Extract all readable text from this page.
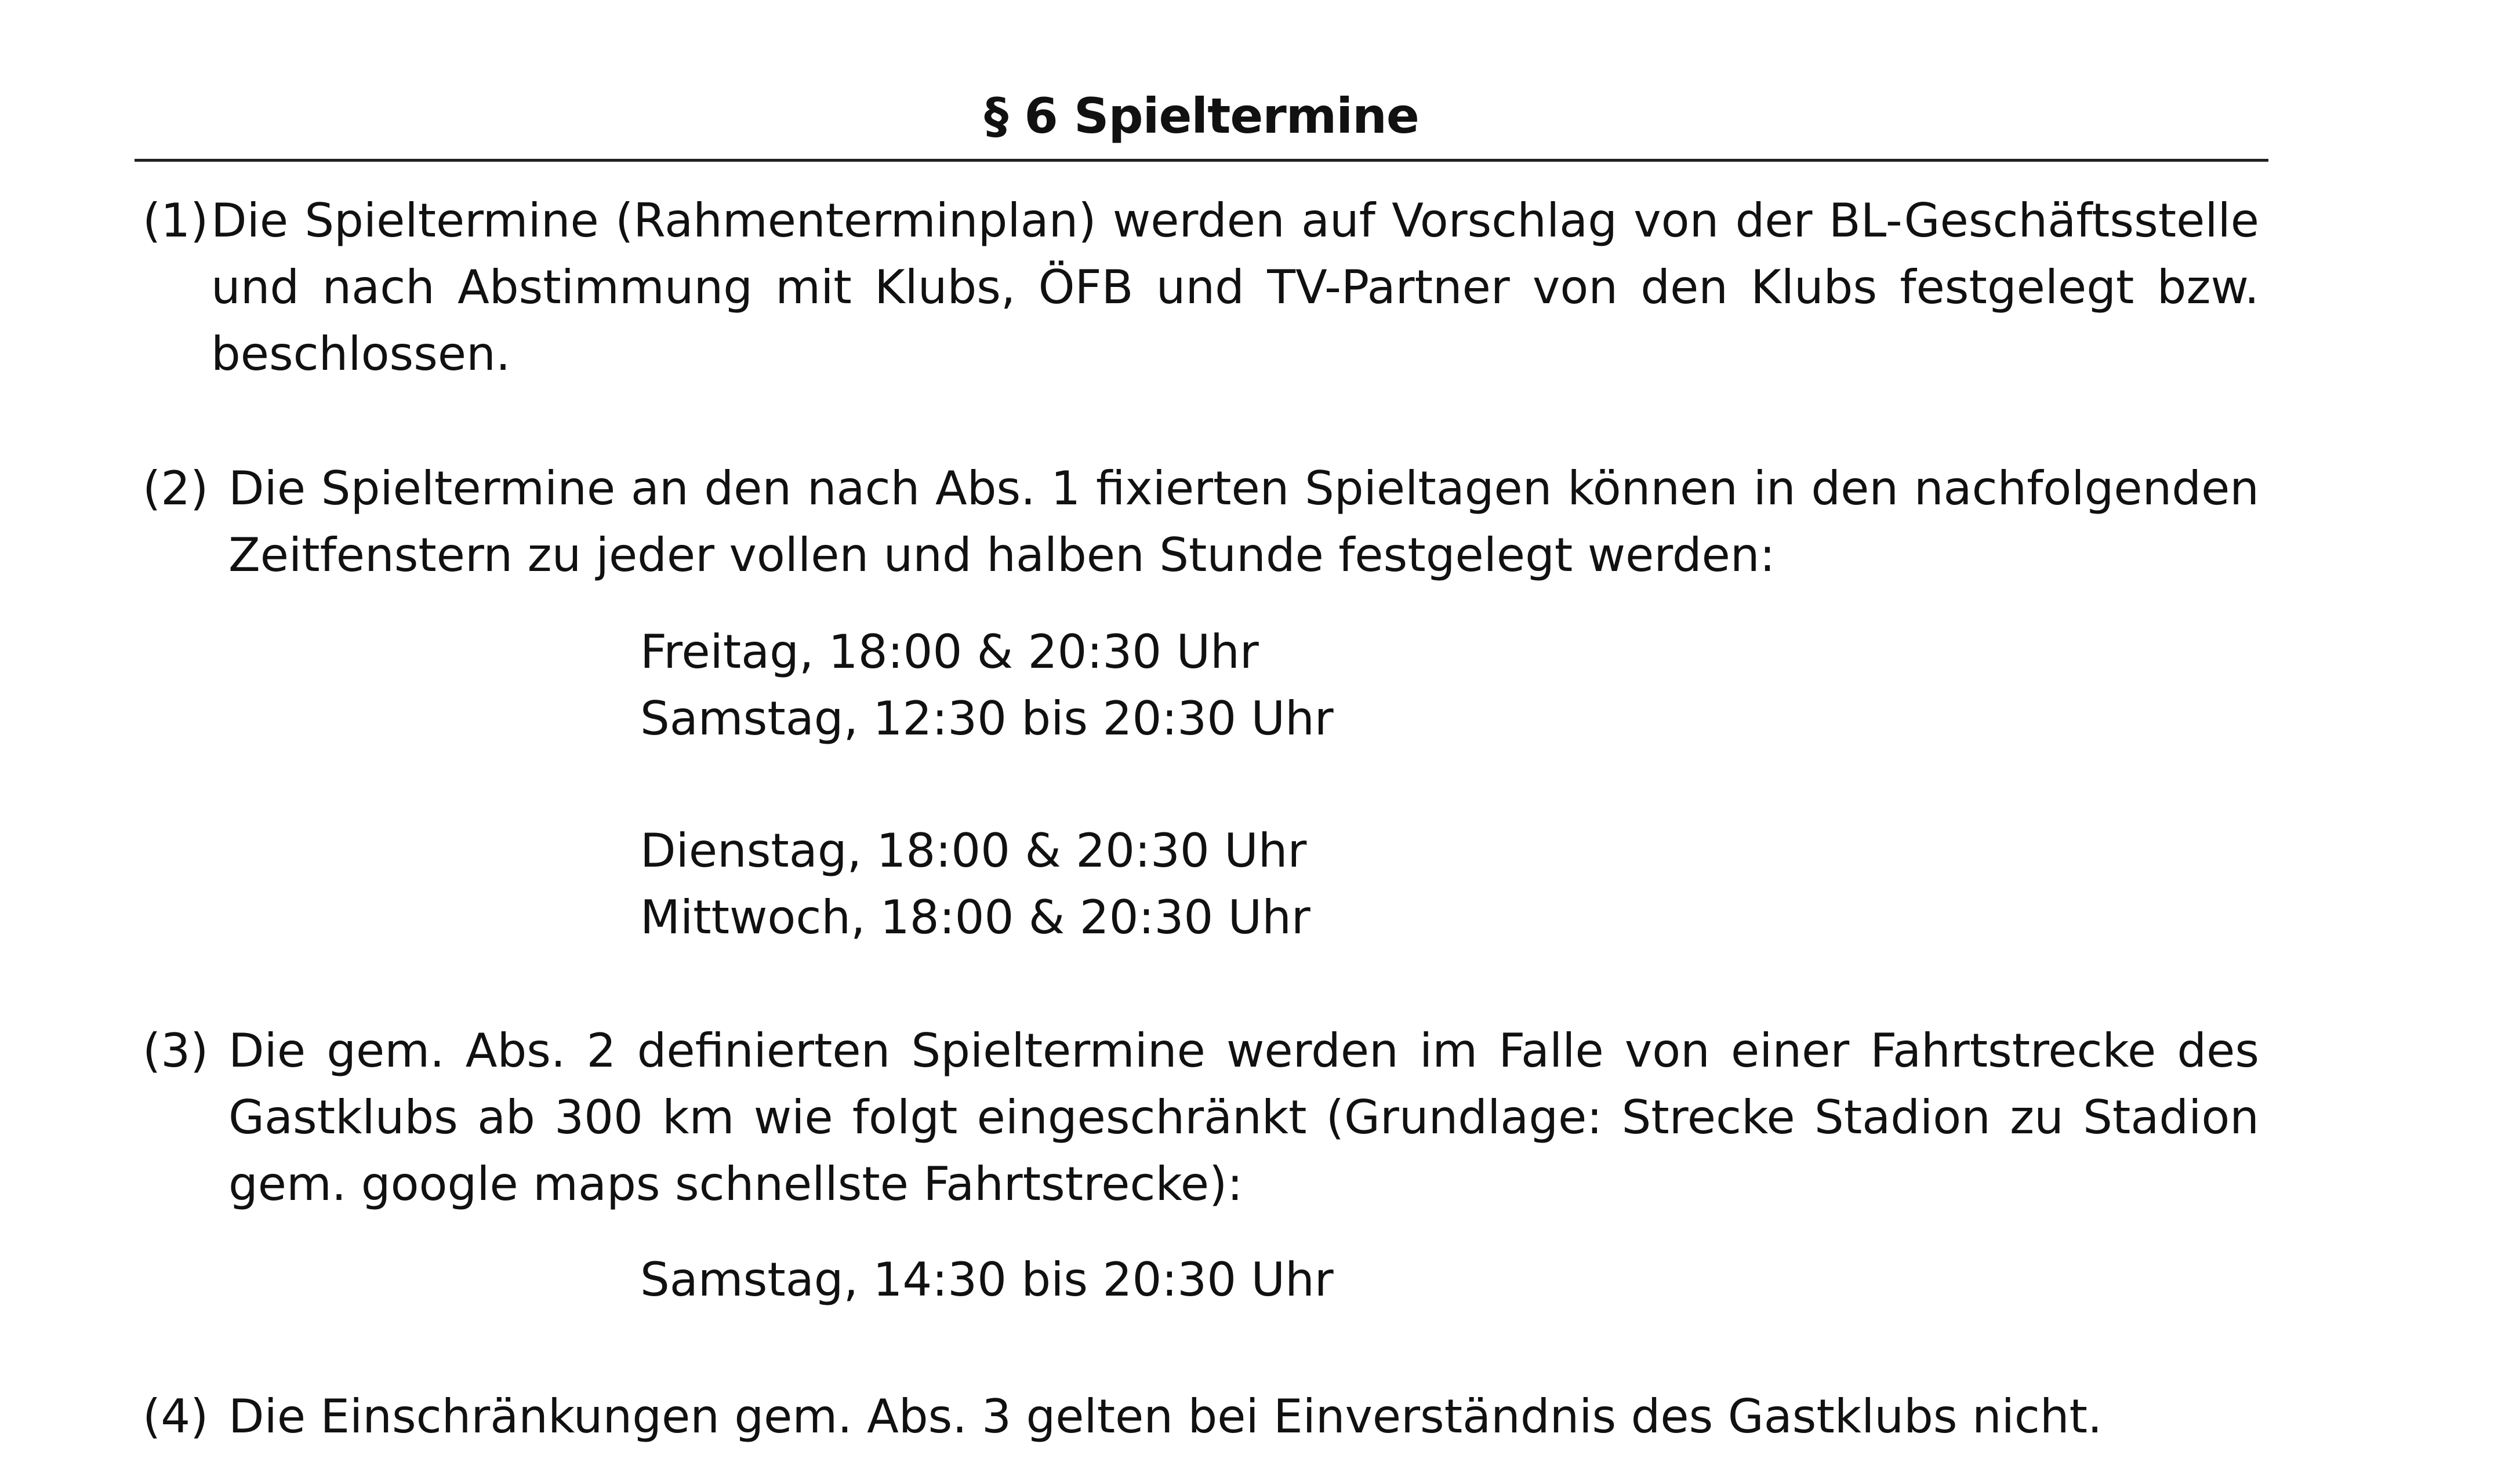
§ 6 Spieltermine
(1) Die Spieltermine (Rahmenterminplan) werden auf Vorschlag von der BL-Geschäftsstelle und nach Abstimmung mit Klubs, ÖFB und TV-Partner von den Klubs festgelegt bzw. beschlossen.
(2) Die Spieltermine an den nach Abs. 1 fixierten Spieltagen können in den nachfolgenden Zeitfenstern zu jeder vollen und halben Stunde festgelegt werden:
Freitag, 18:00 & 20:30 Uhr
Samstag, 12:30 bis 20:30 Uhr
Dienstag, 18:00 & 20:30 Uhr
Mittwoch, 18:00 & 20:30 Uhr
(3) Die gem. Abs. 2 definierten Spieltermine werden im Falle von einer Fahrtstrecke des Gastklubs ab 300 km wie folgt eingeschränkt (Grundlage: Strecke Stadion zu Stadion gem. google maps schnellste Fahrtstrecke):
Samstag, 14:30 bis 20:30 Uhr
(4) Die Einschränkungen gem. Abs. 3 gelten bei Einverständnis des Gastklubs nicht.
